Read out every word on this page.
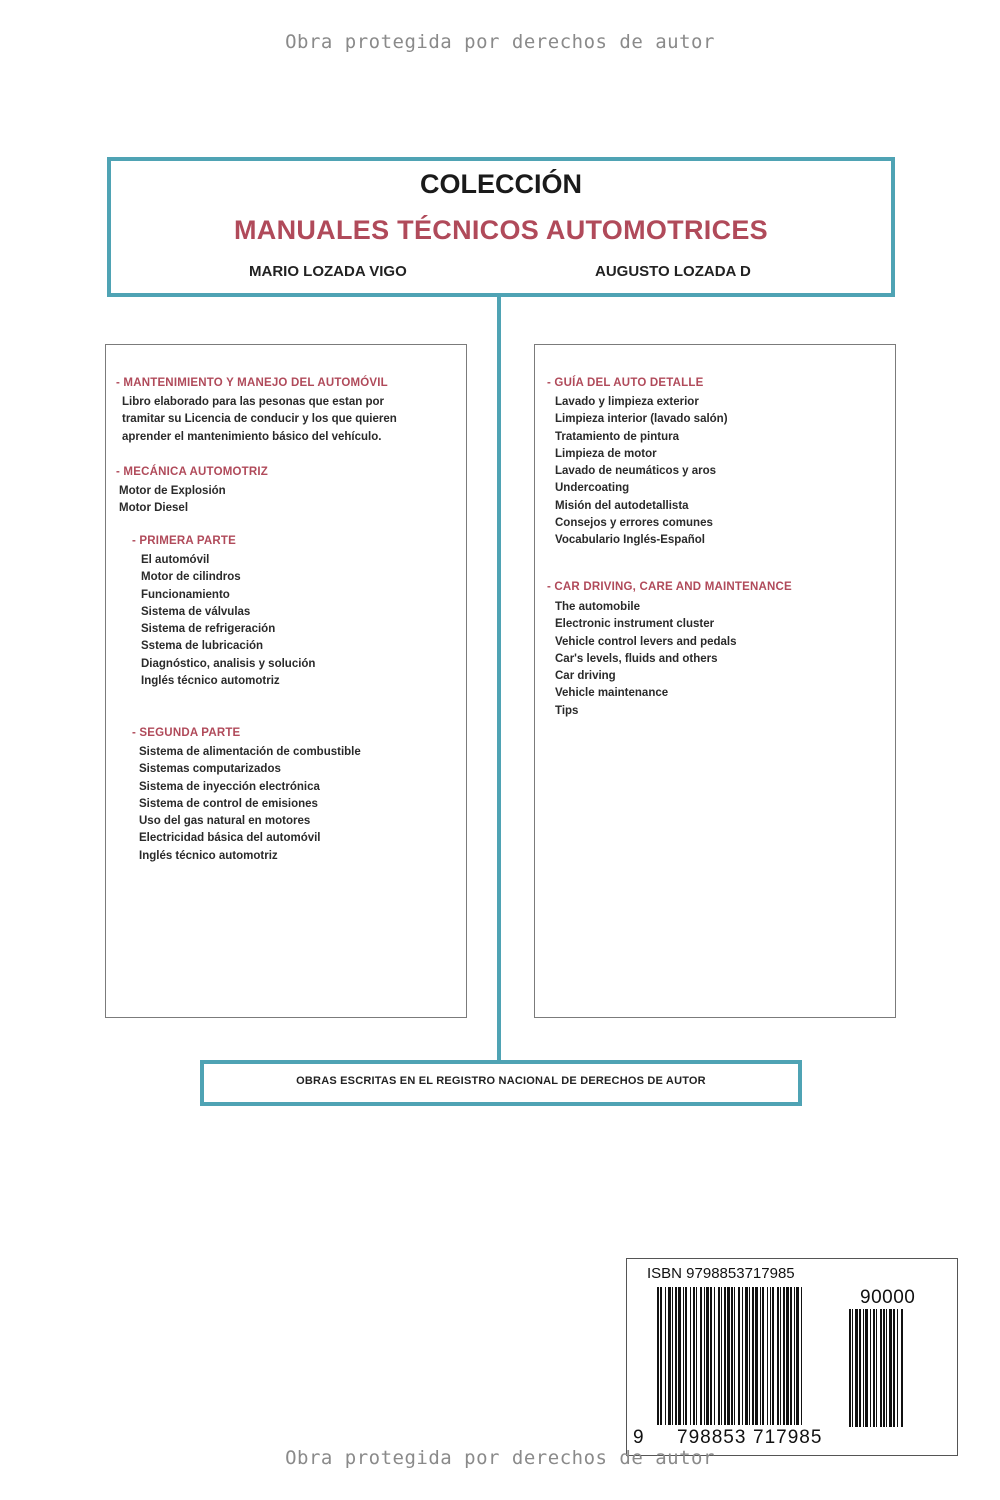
Obra protegida por derechos de autor
COLECCIÓN
MANUALES TÉCNICOS AUTOMOTRICES
MARIO LOZADA VIGO	AUGUSTO LOZADA D
- MANTENIMIENTO Y MANEJO DEL AUTOMÓVIL
Libro elaborado para las pesonas que estan por
tramitar su Licencia de conducir y los que quieren
aprender el mantenimiento básico del vehículo.
- MECÁNICA AUTOMOTRIZ
Motor de Explosión
Motor Diesel
- PRIMERA PARTE
El automóvil
Motor de cilindros
Funcionamiento
Sistema de válvulas
Sistema de refrigeración
Sstema de lubricación
Diagnóstico, analisis y solución
Inglés técnico automotriz
- SEGUNDA PARTE
Sistema de alimentación de combustible
Sistemas computarizados
Sistema de inyección electrónica
Sistema de control de emisiones
Uso del gas natural en motores
Electricidad básica del automóvil
Inglés técnico automotriz
- GUÍA DEL AUTO DETALLE
Lavado y limpieza exterior
Limpieza interior (lavado salón)
Tratamiento de pintura
Limpieza de motor
Lavado de neumáticos y aros
Undercoating
Misión del autodetallista
Consejos y errores comunes
Vocabulario Inglés-Español
- CAR DRIVING, CARE AND MAINTENANCE
The automobile
Electronic instrument cluster
Vehicle control levers and pedals
Car's levels, fluids and others
Car driving
Vehicle maintenance
Tips
OBRAS ESCRITAS EN EL REGISTRO NACIONAL DE DERECHOS DE AUTOR
ISBN 9798853717985
90000
9 798853 717985
Obra protegida por derechos de autor
